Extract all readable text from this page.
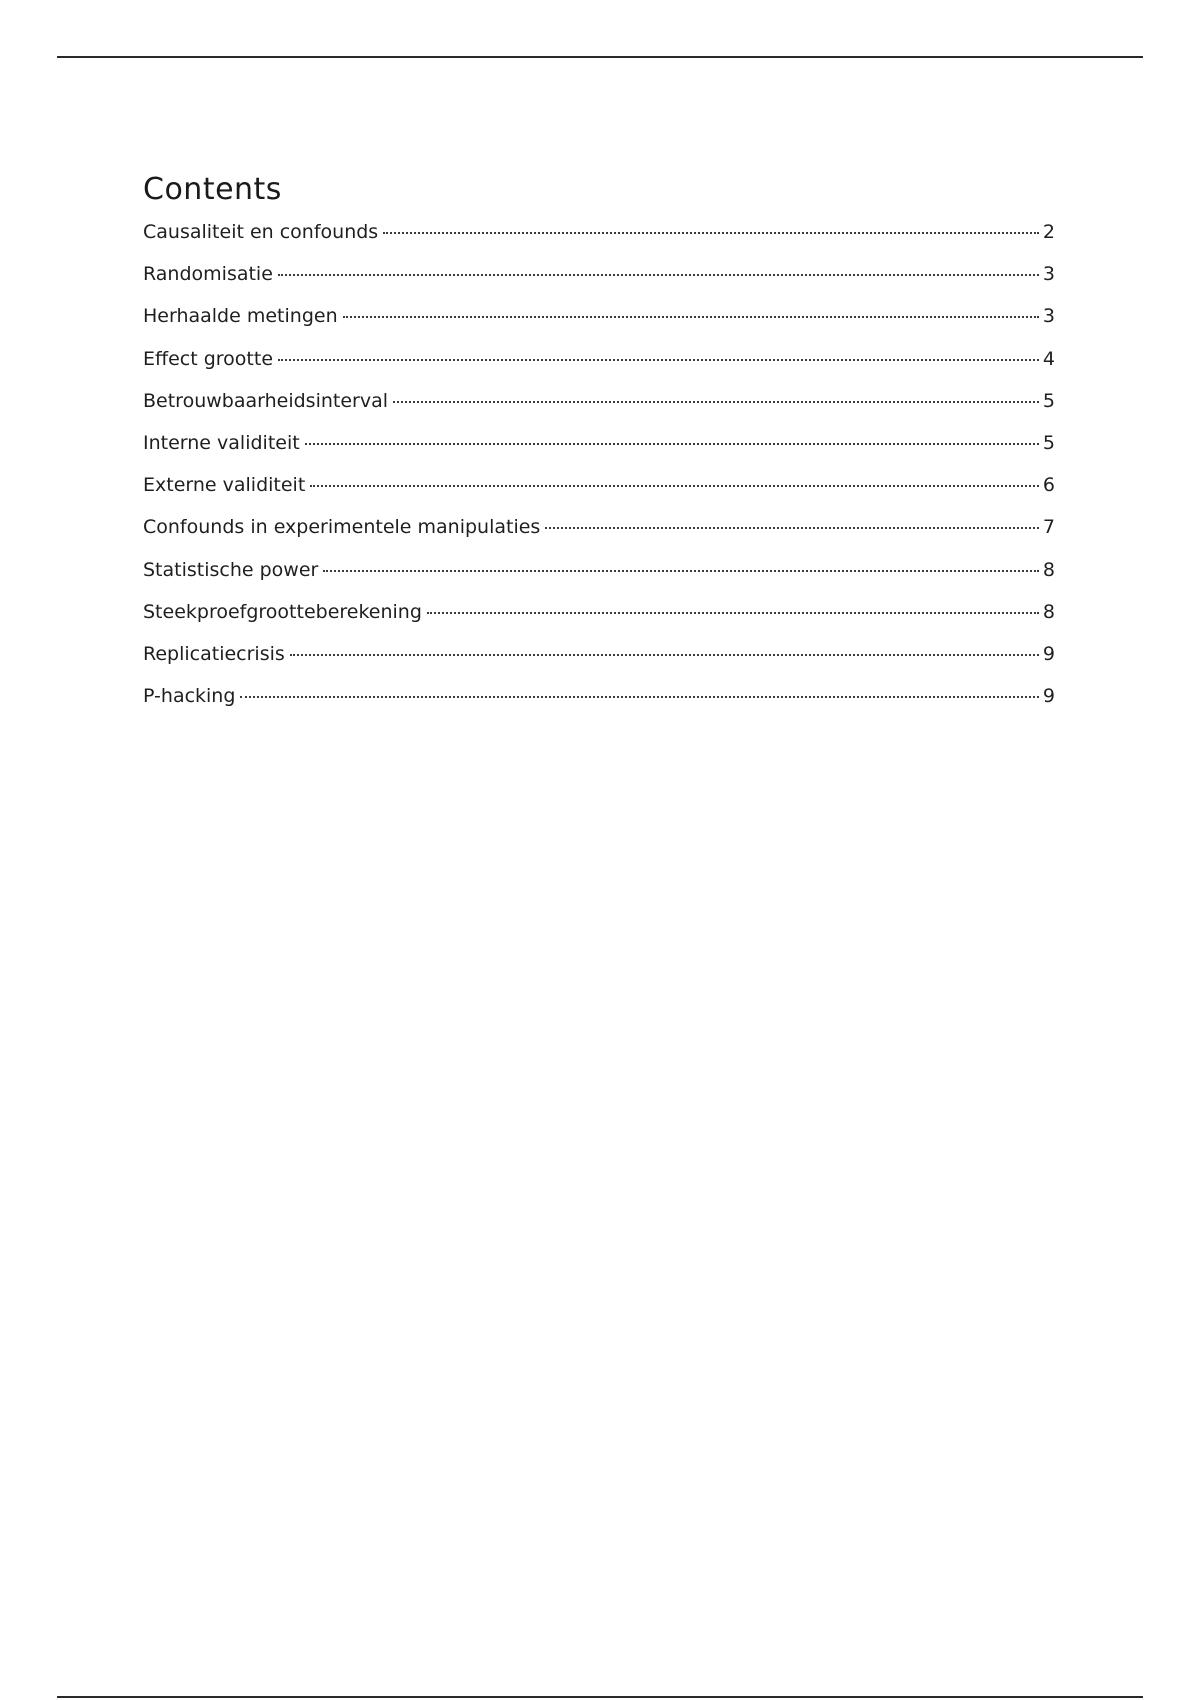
Contents
Causaliteit en confounds	2
Randomisatie	3
Herhaalde metingen	3
Effect grootte	4
Betrouwbaarheidsinterval	5
Interne validiteit	5
Externe validiteit	6
Confounds in experimentele manipulaties	7
Statistische power	8
Steekproefgrootteberekening	8
Replicatiecrisis	9
P-hacking	9
